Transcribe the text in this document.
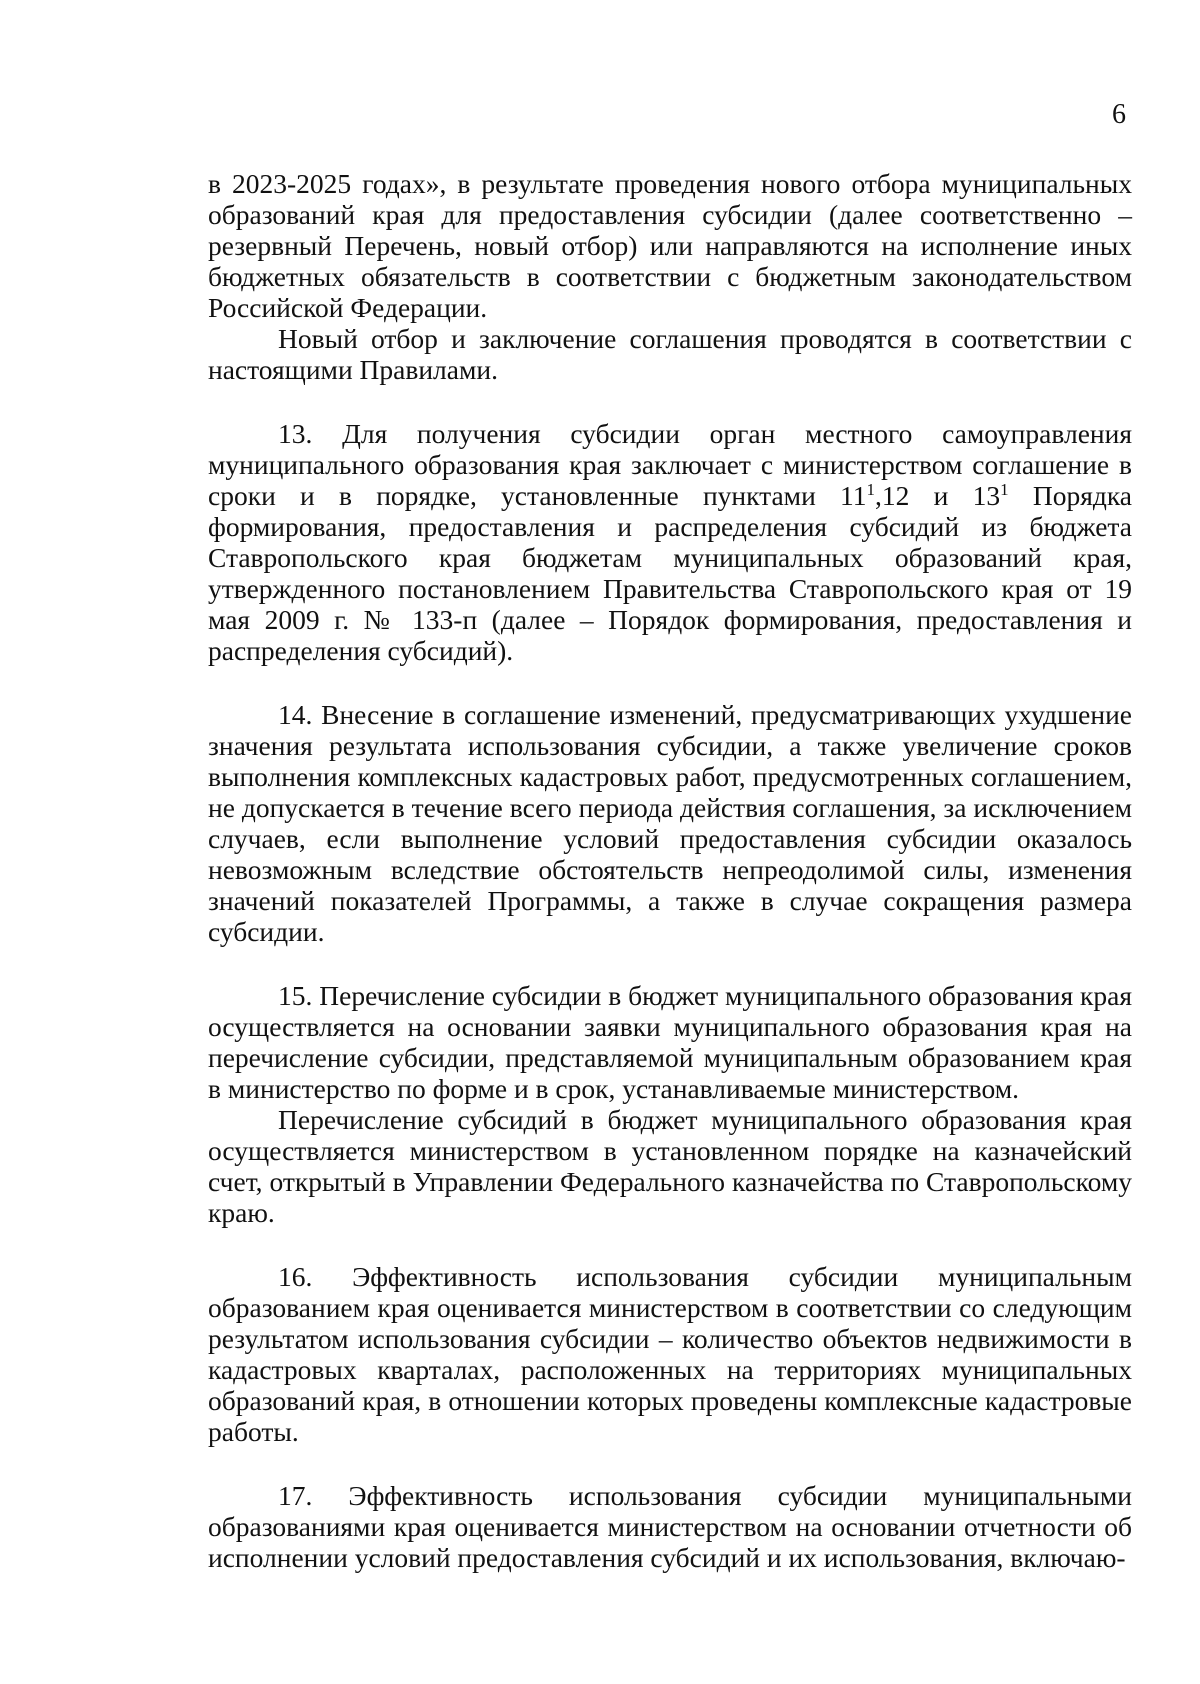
6

в 2023-2025 годах», в результате проведения нового отбора муниципальных образований края для предоставления субсидии (далее соответственно – резервный Перечень, новый отбор) или направляются на исполнение иных бюджетных обязательств в соответствии с бюджетным законодательством Российской Федерации.

Новый отбор и заключение соглашения проводятся в соответствии с настоящими Правилами.

13. Для получения субсидии орган местного самоуправления муниципального образования края заключает с министерством соглашение в сроки и в порядке, установленные пунктами $11^1,12$ и $13^1$ Порядка формирования, предоставления и распределения субсидий из бюджета Ставропольского края бюджетам муниципальных образований края, утвержденного постановлением Правительства Ставропольского края от 19 мая 2009 г. № 133-п (далее – Порядок формирования, предоставления и распределения субсидий).

14. Внесение в соглашение изменений, предусматривающих ухудшение значения результата использования субсидии, а также увеличение сроков выполнения комплексных кадастровых работ, предусмотренных соглашением, не допускается в течение всего периода действия соглашения, за исключением случаев, если выполнение условий предоставления субсидии оказалось невозможным вследствие обстоятельств непреодолимой силы, изменения значений показателей Программы, а также в случае сокращения размера субсидии.

15. Перечисление субсидии в бюджет муниципального образования края осуществляется на основании заявки муниципального образования края на перечисление субсидии, представляемой муниципальным образованием края в министерство по форме и в срок, устанавливаемые министерством.

Перечисление субсидий в бюджет муниципального образования края осуществляется министерством в установленном порядке на казначейский счет, открытый в Управлении Федерального казначейства по Ставропольскому краю.

16. Эффективность использования субсидии муниципальным образованием края оценивается министерством в соответствии со следующим результатом использования субсидии – количество объектов недвижимости в кадастровых кварталах, расположенных на территориях муниципальных образований края, в отношении которых проведены комплексные кадастровые работы.

17. Эффективность использования субсидии муниципальными образованиями края оценивается министерством на основании отчетности об исполнении условий предоставления субсидий и их использования, включаю-
